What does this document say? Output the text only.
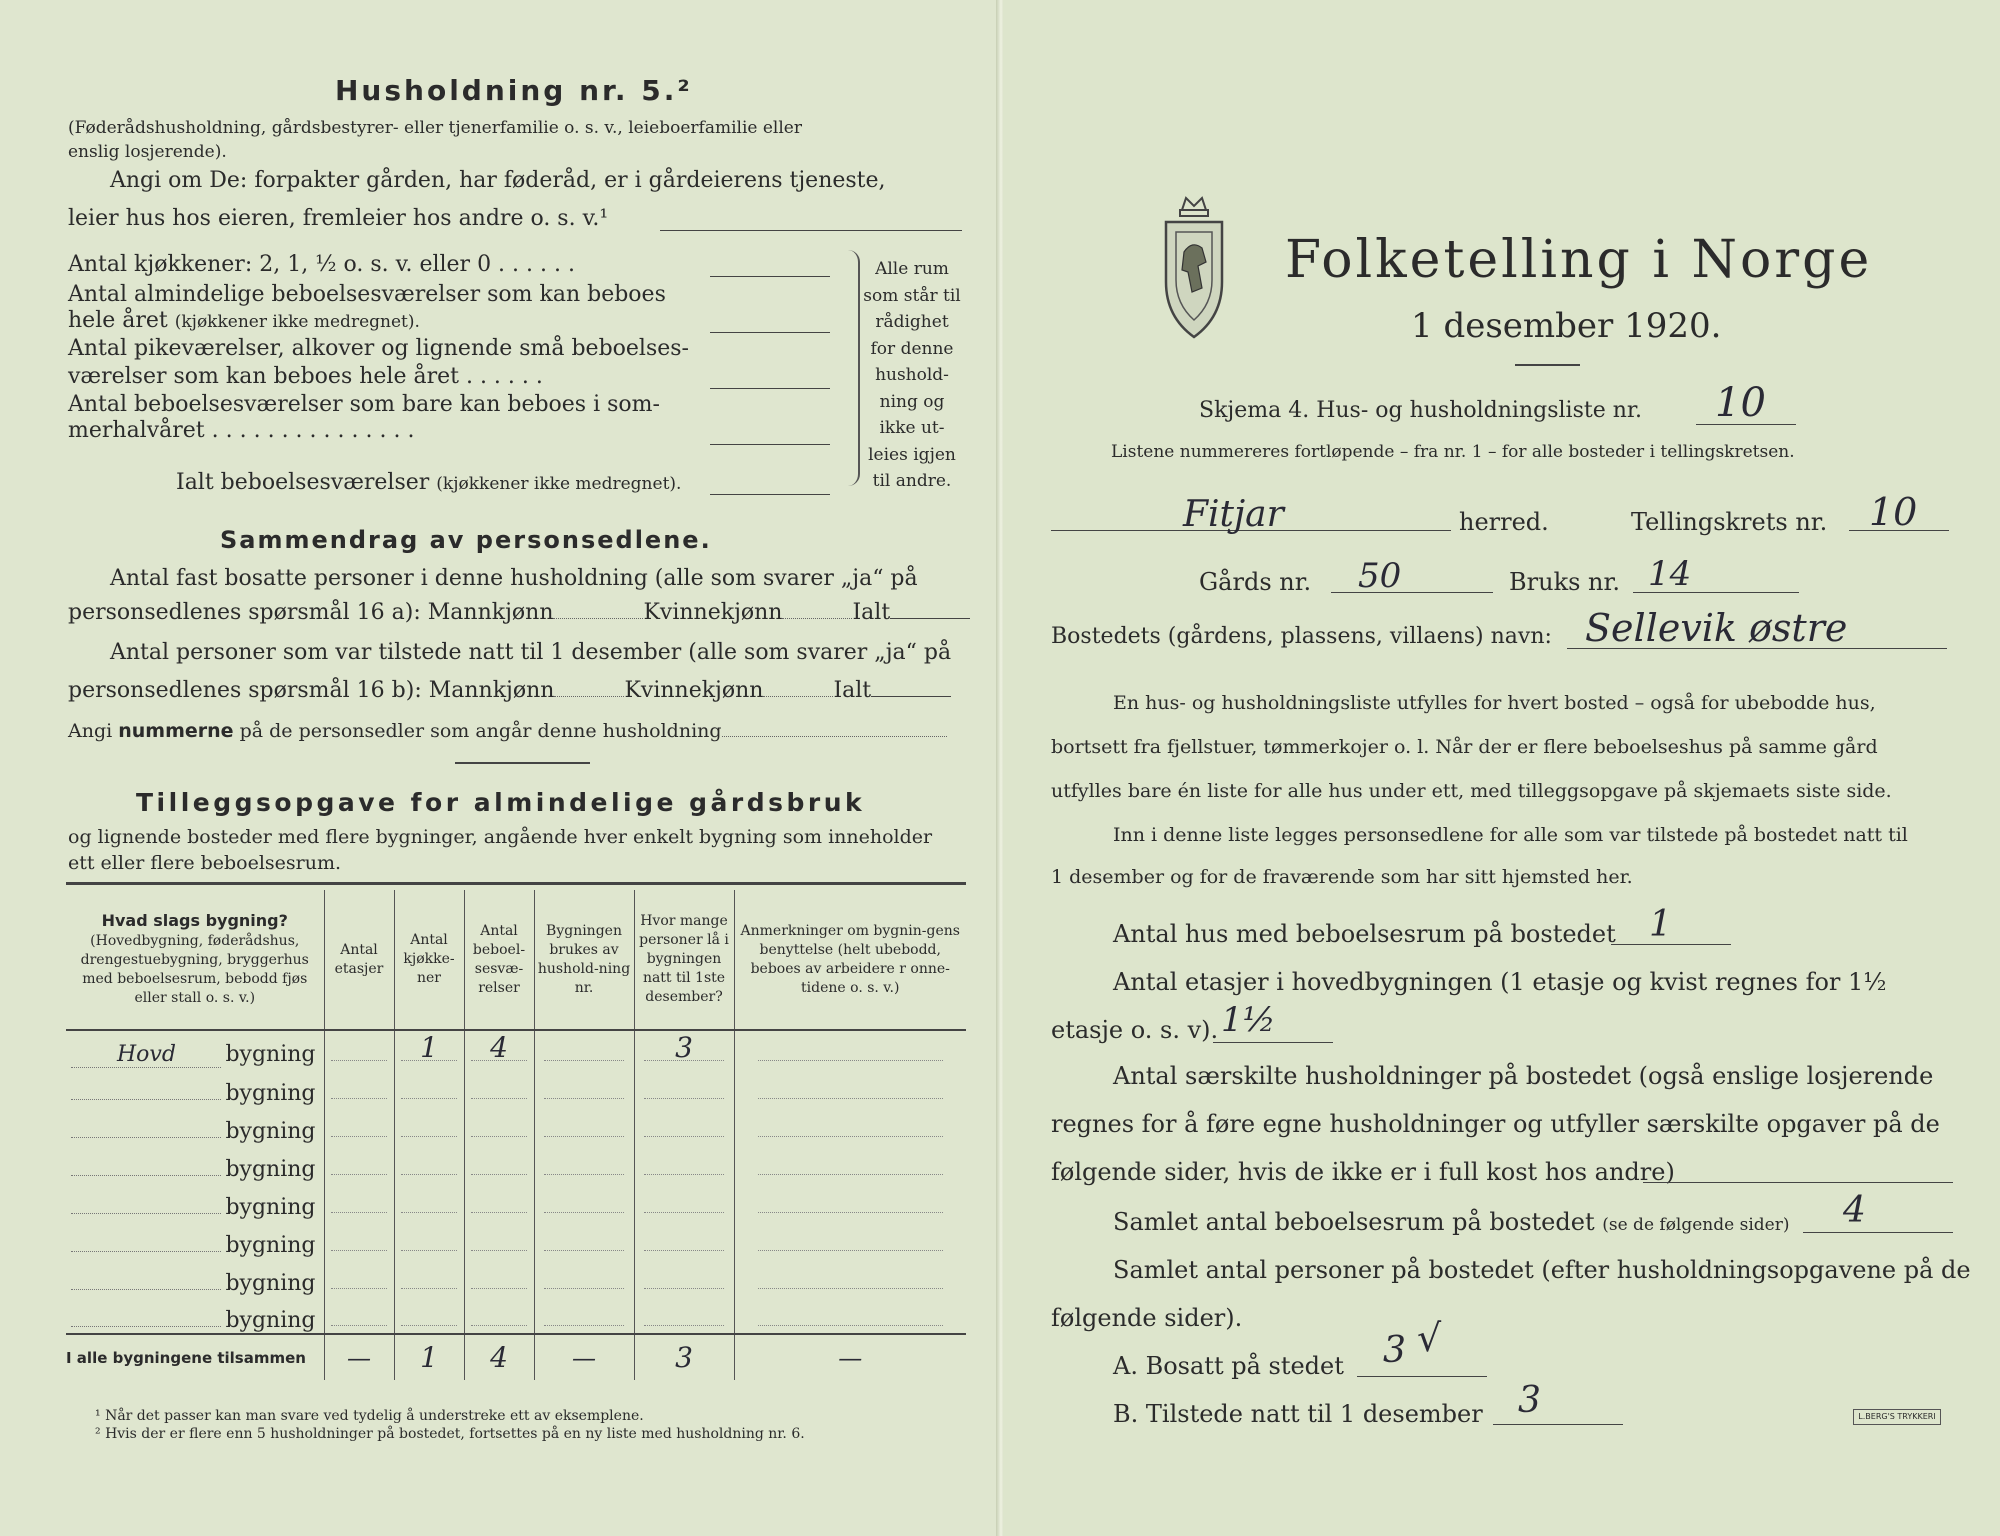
Husholdning nr. 5.²
(Føderådshusholdning, gårdsbestyrer- eller tjenerfamilie o. s. v., leieboerfamilie eller
enslig losjerende).
Angi om De: forpakter gården, har føderåd, er i gårdeierens tjeneste,
leier hus hos eieren, fremleier hos andre o. s. v.¹
Antal kjøkkener: 2, 1, ½ o. s. v. eller 0 . . . . . .
Antal almindelige beboelsesværelser som kan beboes
hele året (kjøkkener ikke medregnet).
Antal pikeværelser, alkover og lignende små beboelses-
værelser som kan beboes hele året . . . . . .
Antal beboelsesværelser som bare kan beboes i som-
merhalvåret . . . . . . . . . . . . . . .
Ialt beboelsesværelser (kjøkkener ikke medregnet).
Alle rum
som står til
rådighet
for denne
hushold-
ning og
ikke ut-
leies igjen
til andre.
Sammendrag av personsedlene.
Antal fast bosatte personer i denne husholdning (alle som svarer „ja“ på
personsedlenes spørsmål 16 a): Mannkjønn	Kvinnekjønn	Ialt
Antal personer som var tilstede natt til 1 desember (alle som svarer „ja“ på
personsedlenes spørsmål 16 b): Mannkjønn	Kvinnekjønn	Ialt
Angi nummerne på de personsedler som angår denne husholdning
Tilleggsopgave for almindelige gårdsbruk
og lignende bosteder med flere bygninger, angående hver enkelt bygning som inneholder
ett eller flere beboelsesrum.
Hvad slags bygning?
(Hovedbygning, føderådshus, drengestuebygning, bryggerhus med beboelsesrum, bebodd fjøs eller stall o. s. v.)	Antal etasjer	Antal kjøkke-ner	Antal beboel-sesvæ-relser	Bygningen brukes av hushold-ning nr.	Hvor mange personer lå i bygningen natt til 1ste desember?	Anmerkninger om bygnin-gens benyttelse (helt ubebodd, beboes av arbeidere r onne-tidene o. s. v.)
Hovd bygning		1	4		3	

bygning	

bygning	

bygning	

bygning	

bygning	

bygning	

bygning	

I alle bygningene tilsammen	—	1	4	—	3	—
¹ Når det passer kan man svare ved tydelig å understreke ett av eksemplene.
² Hvis der er flere enn 5 husholdninger på bostedet, fortsettes på en ny liste med husholdning nr. 6.
Folketelling i Norge
1 desember 1920.
Skjema 4. Hus- og husholdningsliste nr. 10
Listene nummereres fortløpende – fra nr. 1 – for alle bosteder i tellingskretsen.
Fitjar	herred.	Tellingskrets nr. 10
Gårds nr. 50	Bruks nr. 14
Bostedets (gårdens, plassens, villaens) navn: Sellevik østre
En hus- og husholdningsliste utfylles for hvert bosted – også for ubebodde hus,
bortsett fra fjellstuer, tømmerkojer o. l. Når der er flere beboelseshus på samme gård
utfylles bare én liste for alle hus under ett, med tilleggsopgave på skjemaets siste side.
Inn i denne liste legges personsedlene for alle som var tilstede på bostedet natt til
1 desember og for de fraværende som har sitt hjemsted her.
Antal hus med beboelsesrum på bostedet 1
Antal etasjer i hovedbygningen (1 etasje og kvist regnes for 1½
etasje o. s. v). 1½
Antal særskilte husholdninger på bostedet (også enslige losjerende
regnes for å føre egne husholdninger og utfyller særskilte opgaver på de
følgende sider, hvis de ikke er i full kost hos andre)
Samlet antal beboelsesrum på bostedet (se de følgende sider) 4
Samlet antal personer på bostedet (efter husholdningsopgavene på de
følgende sider).
A. Bosatt på stedet 3 √
B. Tilstede natt til 1 desember 3	L.BERG'S TRYKKERI
